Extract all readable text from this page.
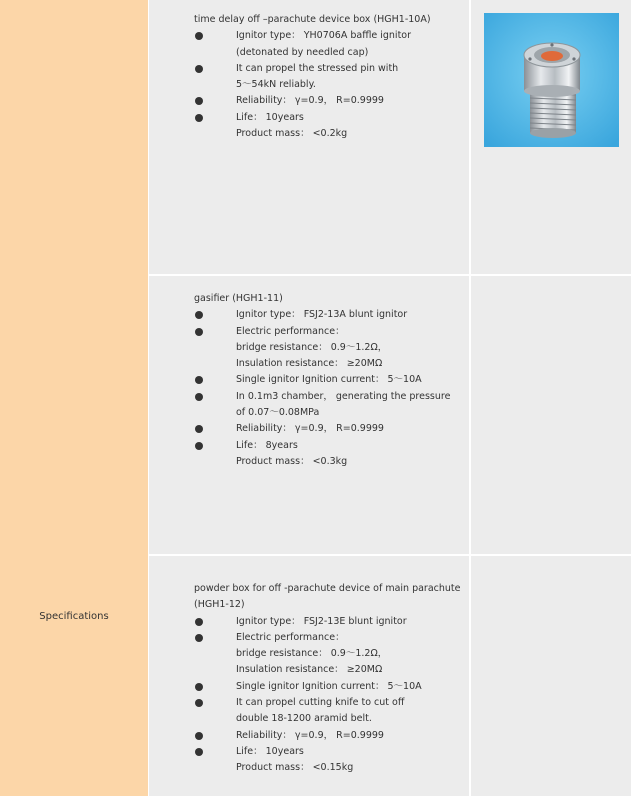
Specifications
time delay off –parachute device box (HGH1-10A)
Ignitor type： YH0706A baffle ignitor
(detonated by needled cap)
It can propel the stressed pin with
5～54kN reliably.
Reliability： γ=0.9， R=0.9999
Life： 10years
Product mass： <0.2kg
gasifier (HGH1-11)
Ignitor type： FSJ2-13A blunt ignitor
Electric performance：
bridge resistance： 0.9～1.2Ω，
Insulation resistance： ≥20MΩ
Single ignitor Ignition current： 5～10A
In 0.1m3 chamber， generating the pressure
of 0.07～0.08MPa
Reliability： γ=0.9， R=0.9999
Life： 8years
Product mass： <0.3kg
powder box for off -parachute device of main parachute
(HGH1-12)
Ignitor type： FSJ2-13E blunt ignitor
Electric performance：
bridge resistance： 0.9～1.2Ω，
Insulation resistance： ≥20MΩ
Single ignitor Ignition current： 5～10A
It can propel cutting knife to cut off
double 18-1200 aramid belt.
Reliability： γ=0.9， R=0.9999
Life： 10years
Product mass： <0.15kg
